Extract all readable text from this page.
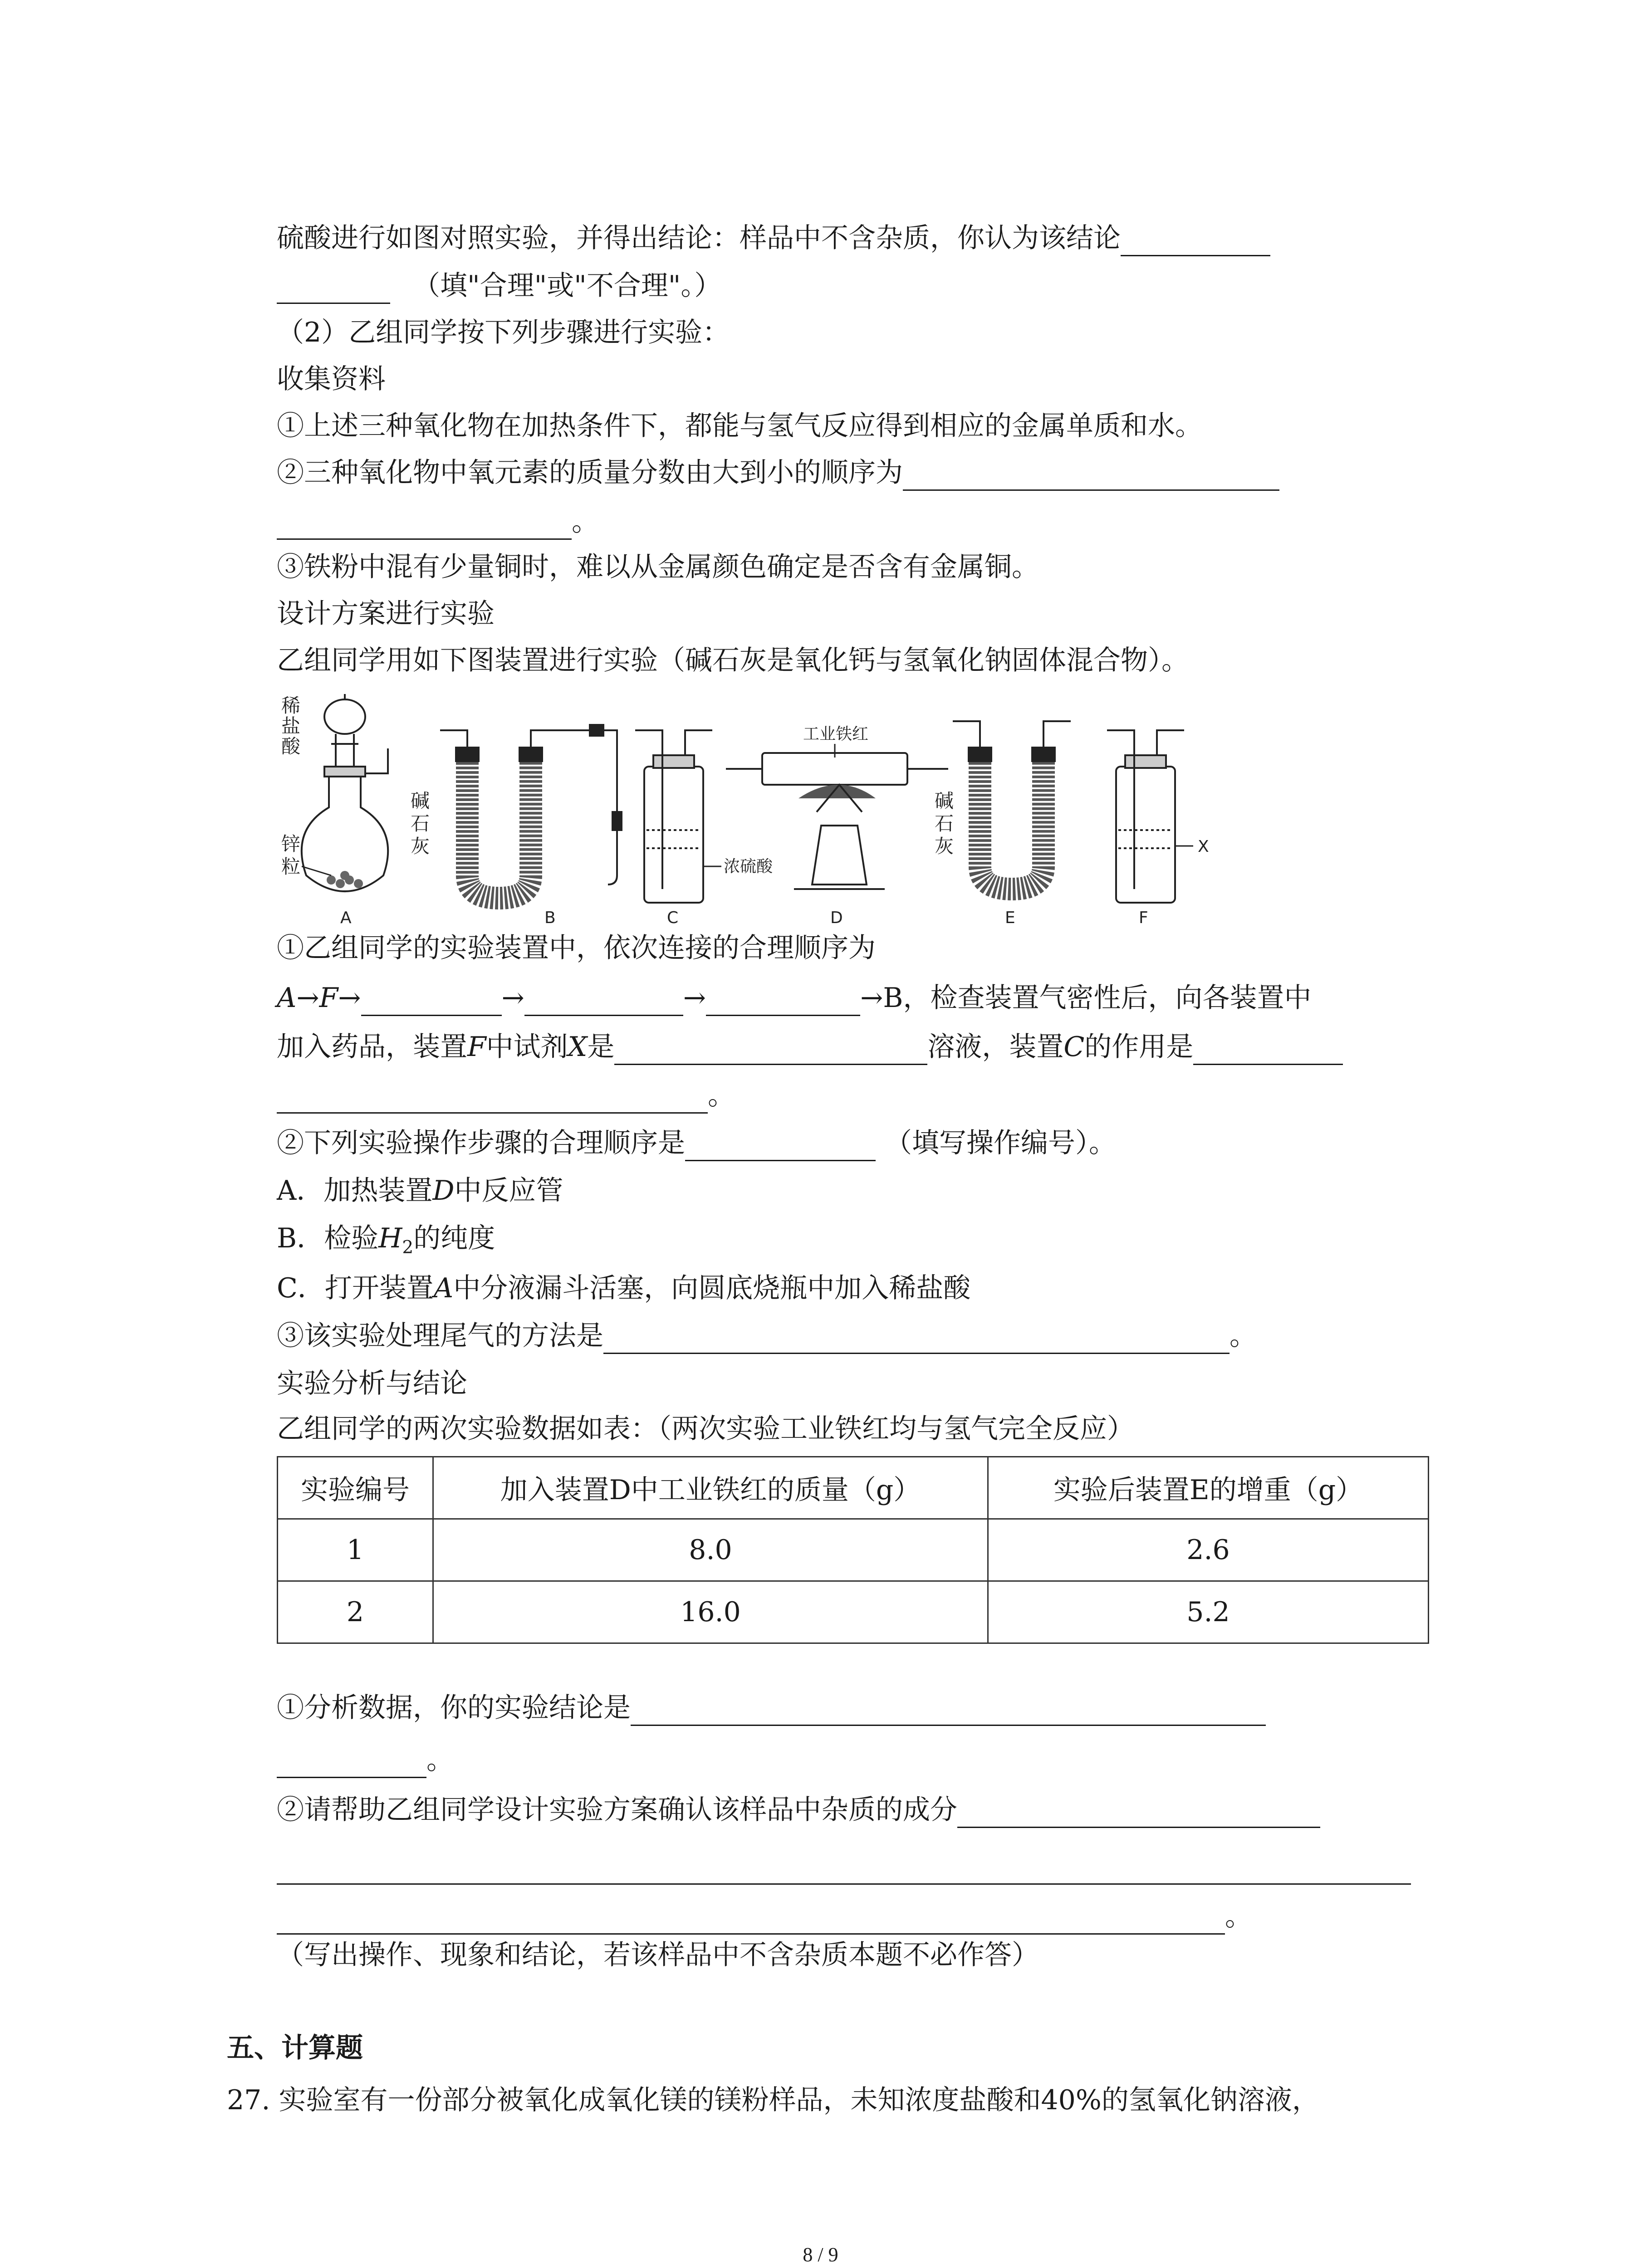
硫酸进行如图对照实验，并得出结论：样品中不含杂质，你认为该结论
（填"合理"或"不合理"。）
（2）乙组同学按下列步骤进行实验：
收集资料
①上述三种氧化物在加热条件下，都能与氢气反应得到相应的金属单质和水。
②三种氧化物中氧元素的质量分数由大到小的顺序为
。
③铁粉中混有少量铜时，难以从金属颜色确定是否含有金属铜。
设计方案进行实验
乙组同学用如下图装置进行实验（碱石灰是氧化钙与氢氧化钠固体混合物）。
稀
盐
酸
锌
粒
A
碱
石
灰
B
浓硫酸
C
工业铁红
D
碱
石
灰
E
X
F
①乙组同学的实验装置中，依次连接的合理顺序为
A→F→	→	→	→B，检查装置气密性后，向各装置中
加入药品，装置F中试剂X是	溶液，装置C的作用是
。
②下列实验操作步骤的合理顺序是	（填写操作编号）。
A．加热装置D中反应管
B．检验$H_2$的纯度
C．打开装置A中分液漏斗活塞，向圆底烧瓶中加入稀盐酸
③该实验处理尾气的方法是	。
实验分析与结论
乙组同学的两次实验数据如表：（两次实验工业铁红均与氢气完全反应）
实验编号	加入装置D中工业铁红的质量（g）	实验后装置E的增重（g）
1	8.0	2.6
2	16.0	5.2
①分析数据，你的实验结论是
。
②请帮助乙组同学设计实验方案确认该样品中杂质的成分
。
（写出操作、现象和结论，若该样品中不含杂质本题不必作答）
五、计算题
27. 实验室有一份部分被氧化成氧化镁的镁粉样品，未知浓度盐酸和40%的氢氧化钠溶液，
8 / 9
